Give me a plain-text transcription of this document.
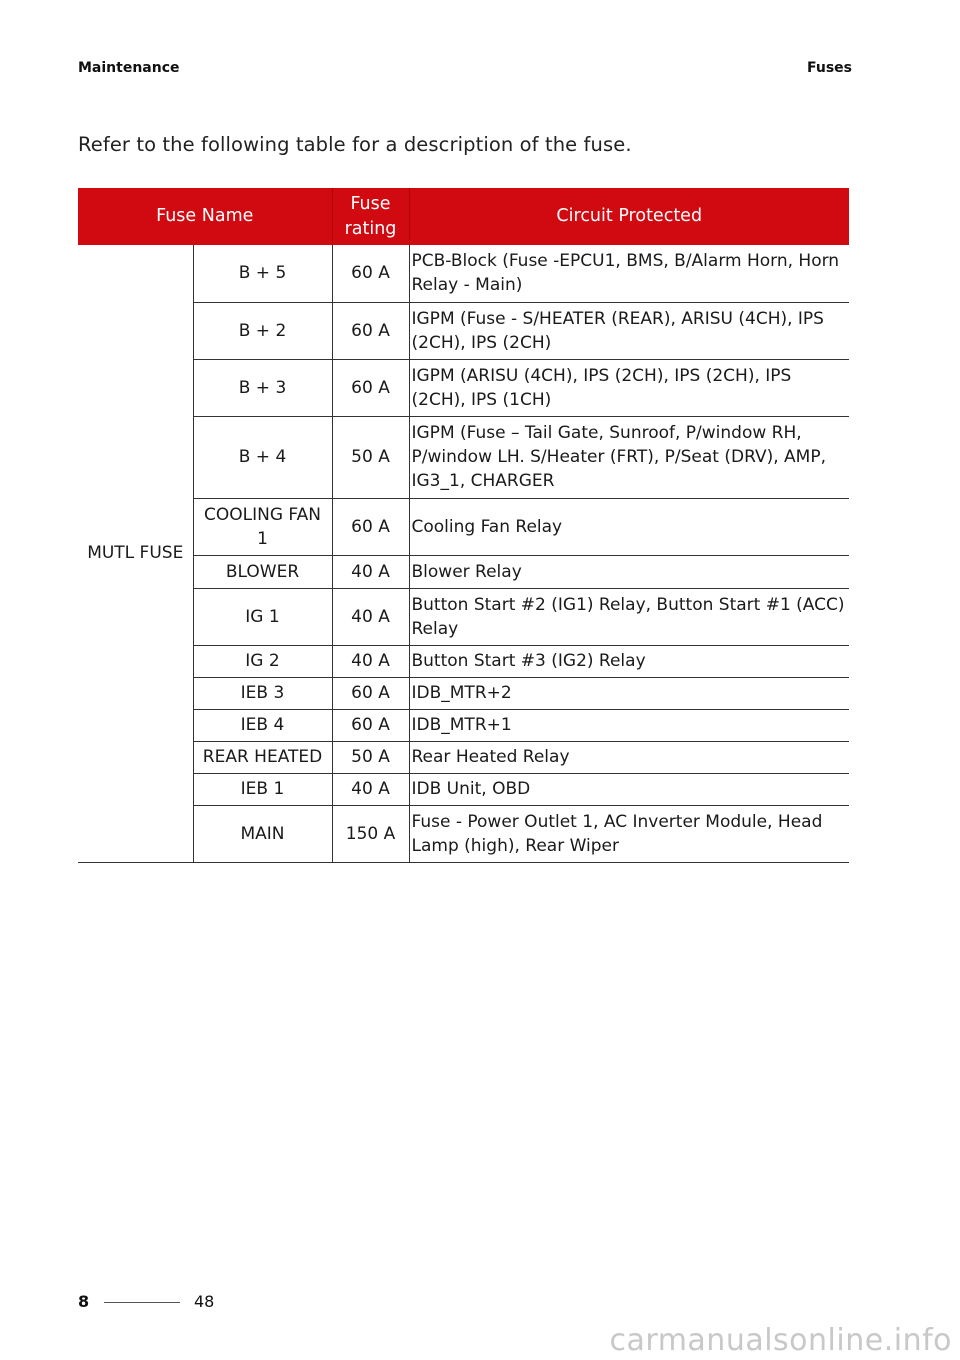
Maintenance	Fuses
Refer to the following table for a description of the fuse.
Fuse Name		Fuse rating	Circuit Protected
MUTL FUSE	B + 5	60 A	PCB-Block (Fuse -EPCU1, BMS, B/Alarm Horn, Horn Relay - Main)
	B + 2	60 A	IGPM (Fuse - S/HEATER (REAR), ARISU (4CH), IPS (2CH), IPS (2CH)
	B + 3	60 A	IGPM (ARISU (4CH), IPS (2CH), IPS (2CH), IPS (2CH), IPS (1CH)
	B + 4	50 A	IGPM (Fuse – Tail Gate, Sunroof, P/window RH, P/window LH. S/Heater (FRT), P/Seat (DRV), AMP, IG3_1, CHARGER
	COOLING FAN 1	60 A	Cooling Fan Relay
	BLOWER	40 A	Blower Relay
	IG 1	40 A	Button Start #2 (IG1) Relay, Button Start #1 (ACC) Relay
	IG 2	40 A	Button Start #3 (IG2) Relay
	IEB 3	60 A	IDB_MTR+2
	IEB 4	60 A	IDB_MTR+1
	REAR HEATED	50 A	Rear Heated Relay
	IEB 1	40 A	IDB Unit, OBD
	MAIN	150 A	Fuse - Power Outlet 1, AC Inverter Module, Head Lamp (high), Rear Wiper
8	48
carmanualsonline.info
